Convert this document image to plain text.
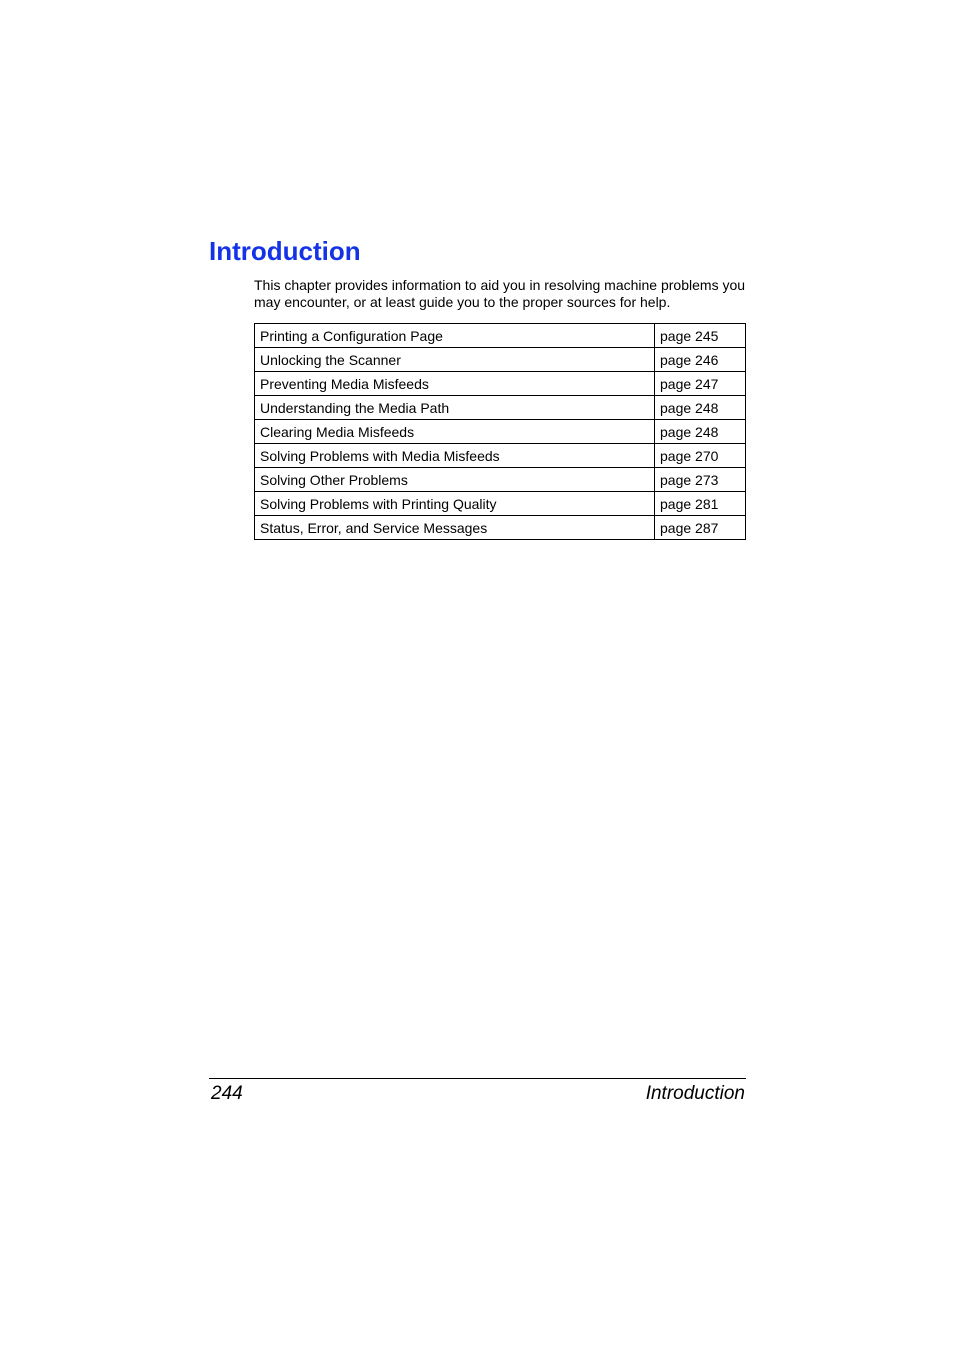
Introduction

This chapter provides information to aid you in resolving machine problems you may encounter, or at least guide you to the proper sources for help.

Printing a Configuration Page	page 245
Unlocking the Scanner	page 246
Preventing Media Misfeeds	page 247
Understanding the Media Path	page 248
Clearing Media Misfeeds	page 248
Solving Problems with Media Misfeeds	page 270
Solving Other Problems	page 273
Solving Problems with Printing Quality	page 281
Status, Error, and Service Messages	page 287
244	Introduction
